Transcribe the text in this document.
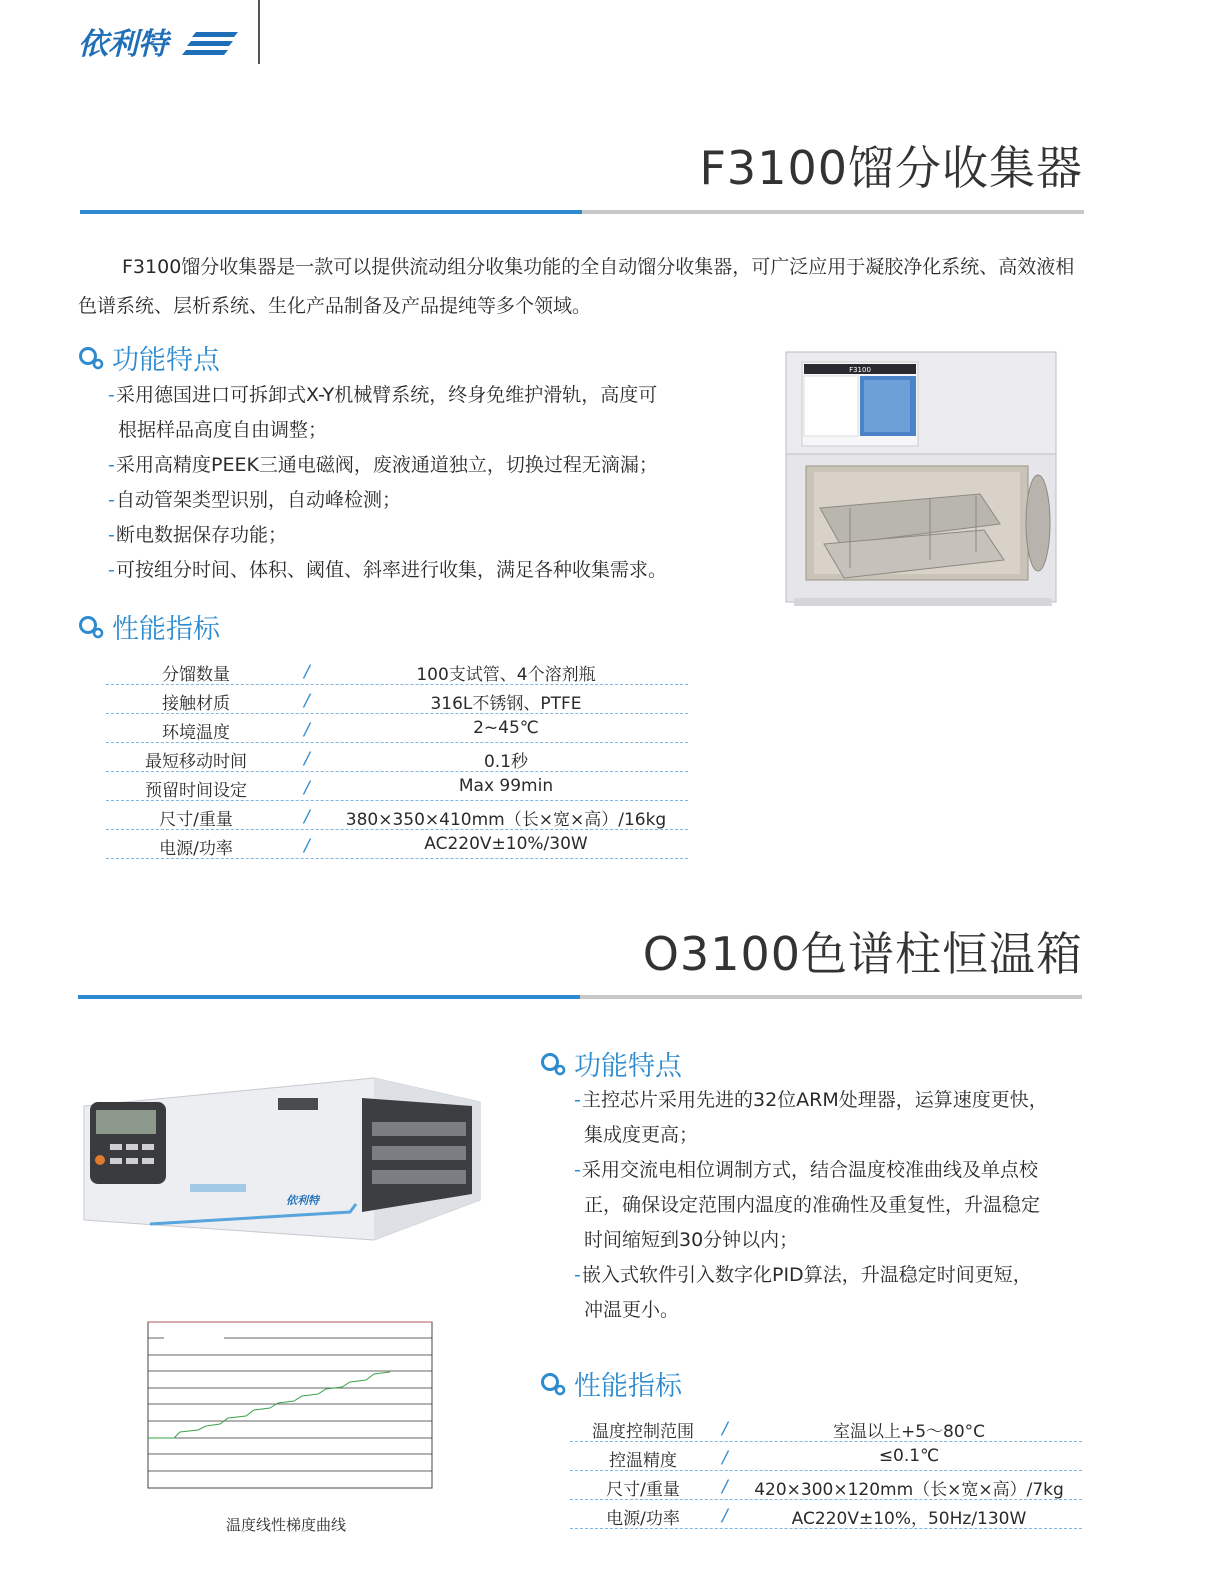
依利特
F3100馏分收集器

F3100馏分收集器是一款可以提供流动组分收集功能的全自动馏分收集器，可广泛应用于凝胶净化系统、高效液相色谱系统、层析系统、生化产品制备及产品提纯等多个领域。

功能特点
- 采用德国进口可拆卸式X-Y机械臂系统，终身免维护滑轨，高度可
根据样品高度自由调整；
- 采用高精度PEEK三通电磁阀，废液通道独立，切换过程无滴漏；
- 自动管架类型识别，自动峰检测；
- 断电数据保存功能；
- 可按组分时间、体积、阈值、斜率进行收集，满足各种收集需求。
F3100
性能指标
分馏数量	/	100支试管、4个溶剂瓶
接触材质	/	316L不锈钢、PTFE
环境温度	/	2~45℃
最短移动时间	/	0.1秒
预留时间设定	/	Max 99min
尺寸/重量	/	380×350×410mm（长×宽×高）/16kg
电源/功率	/	AC220V±10%/30W
O3100色谱柱恒温箱
依利特
温度线性梯度曲线
功能特点
- 主控芯片采用先进的32位ARM处理器，运算速度更快，
集成度更高；
- 采用交流电相位调制方式，结合温度校准曲线及单点校
正，确保设定范围内温度的准确性及重复性，升温稳定
时间缩短到30分钟以内；
- 嵌入式软件引入数字化PID算法，升温稳定时间更短，
冲温更小。
性能指标
温度控制范围	/	室温以上+5～80°C
控温精度	/	≤0.1℃
尺寸/重量	/	420×300×120mm（长×宽×高）/7kg
电源/功率	/	AC220V±10%，50Hz/130W
